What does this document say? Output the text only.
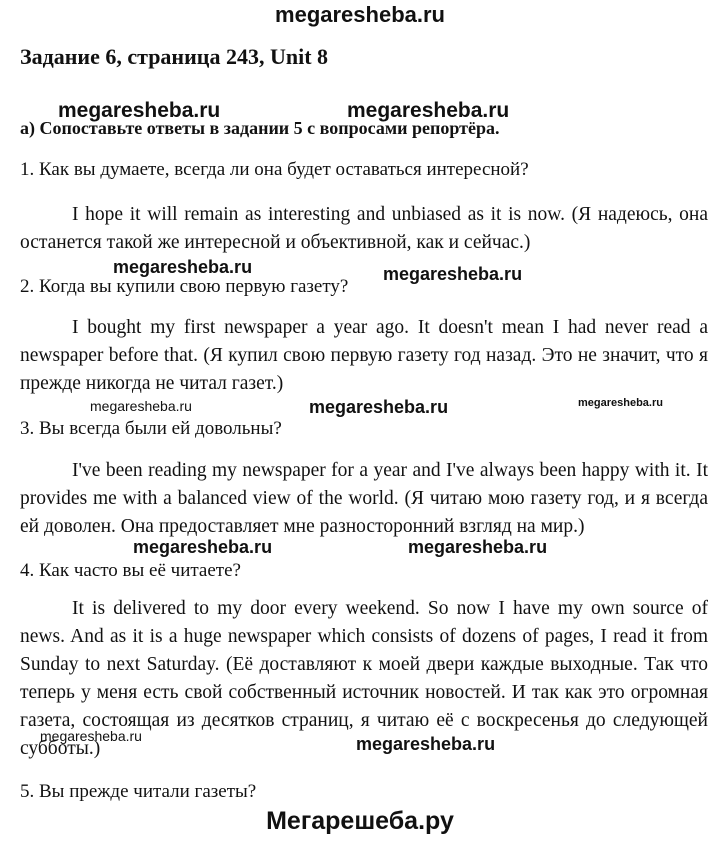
megaresheba.ru
Мегарешеба.ру
Задание 6, страница 243, Unit 8
a) Сопоставьте ответы в задании 5 с вопросами репортёра.
1. Как вы думаете, всегда ли она будет оставаться интересной?

I hope it will remain as interesting and unbiased as it is now. (Я надеюсь, она останется такой же интересной и объективной, как и сейчас.)

2. Когда вы купили свою первую газету?

I bought my first newspaper a year ago. It doesn't mean I had never read a newspaper before that. (Я купил свою первую газету год назад. Это не значит, что я прежде никогда не читал газет.)

3. Вы всегда были ей довольны?

I've been reading my newspaper for a year and I've always been happy with it. It provides me with a balanced view of the world. (Я читаю мою газету год, и я всегда ей доволен. Она предоставляет мне разносторонний взгляд на мир.)

4. Как часто вы её читаете?

It is delivered to my door every weekend. So now I have my own source of news. And as it is a huge newspaper which consists of dozens of pages, I read it from Sunday to next Saturday. (Её доставляют к моей двери каждые выходные. Так что теперь у меня есть свой собственный источник новостей. И так как это огромная газета, состоящая из десятков страниц, я читаю её с воскресенья до следующей субботы.)

5. Вы прежде читали газеты?
megaresheba.ru	megaresheba.ru
megaresheba.ru	megaresheba.ru
megaresheba.ru	megaresheba.ru	megaresheba.ru
megaresheba.ru	megaresheba.ru
megaresheba.ru	megaresheba.ru
